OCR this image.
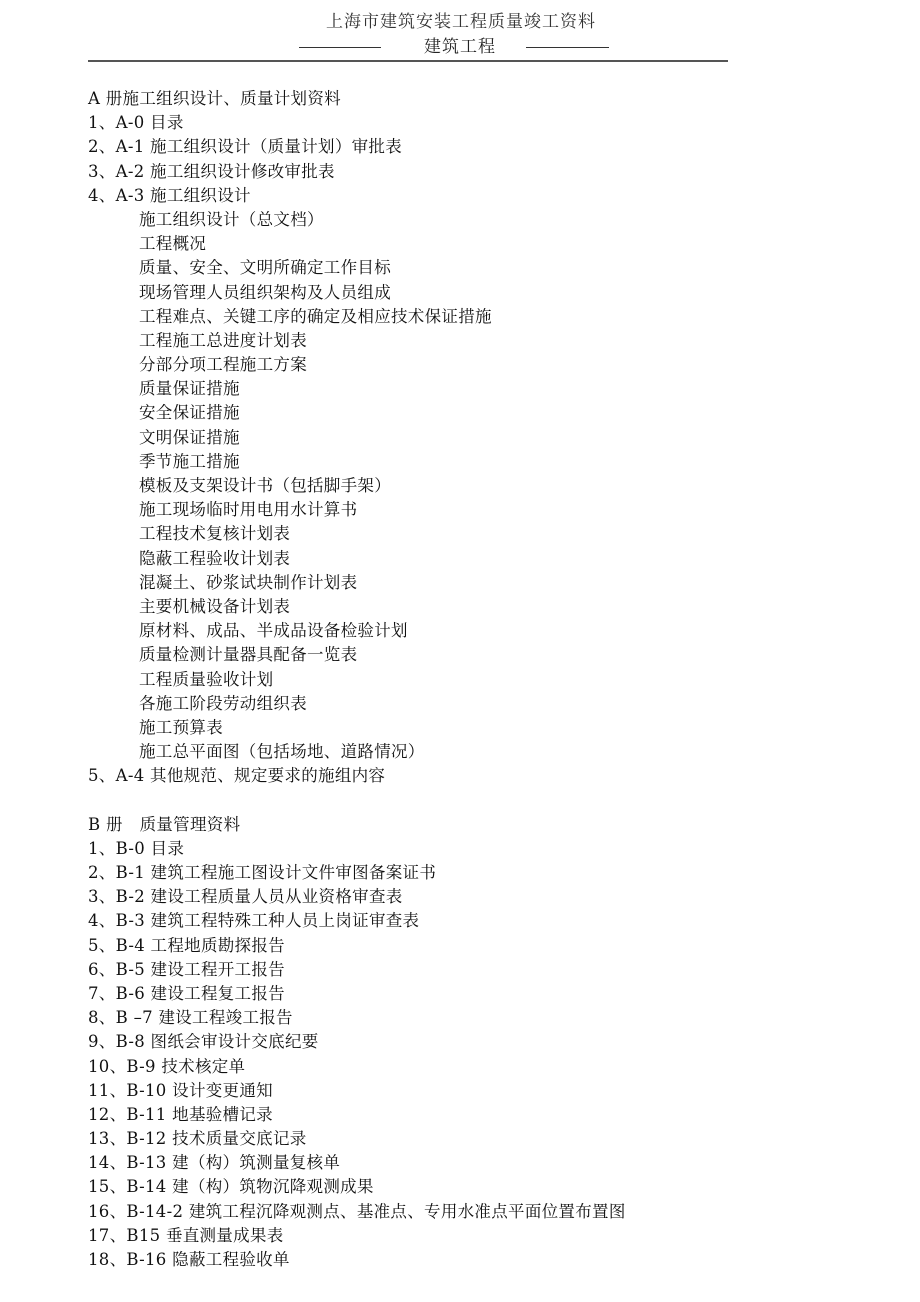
上海市建筑安装工程质量竣工资料
建筑工程
A 册施工组织设计、质量计划资料
1、A-0 目录
2、A-1 施工组织设计（质量计划）审批表
3、A-2 施工组织设计修改审批表
4、A-3 施工组织设计
施工组织设计（总文档）
工程概况
质量、安全、文明所确定工作目标
现场管理人员组织架构及人员组成
工程难点、关键工序的确定及相应技术保证措施
工程施工总进度计划表
分部分项工程施工方案
质量保证措施
安全保证措施
文明保证措施
季节施工措施
模板及支架设计书（包括脚手架）
施工现场临时用电用水计算书
工程技术复核计划表
隐蔽工程验收计划表
混凝土、砂浆试块制作计划表
主要机械设备计划表
原材料、成品、半成品设备检验计划
质量检测计量器具配备一览表
工程质量验收计划
各施工阶段劳动组织表
施工预算表
施工总平面图（包括场地、道路情况）
5、A-4 其他规范、规定要求的施组内容
B 册　质量管理资料
1、B-0 目录
2、B-1 建筑工程施工图设计文件审图备案证书
3、B-2 建设工程质量人员从业资格审查表
4、B-3 建筑工程特殊工种人员上岗证审查表
5、B-4 工程地质勘探报告
6、B-5 建设工程开工报告
7、B-6 建设工程复工报告
8、B –7 建设工程竣工报告
9、B-8 图纸会审设计交底纪要
10、B-9 技术核定单
11、B-10 设计变更通知
12、B-11 地基验槽记录
13、B-12 技术质量交底记录
14、B-13 建（构）筑测量复核单
15、B-14 建（构）筑物沉降观测成果
16、B-14-2 建筑工程沉降观测点、基准点、专用水准点平面位置布置图
17、B15 垂直测量成果表
18、B-16 隐蔽工程验收单
